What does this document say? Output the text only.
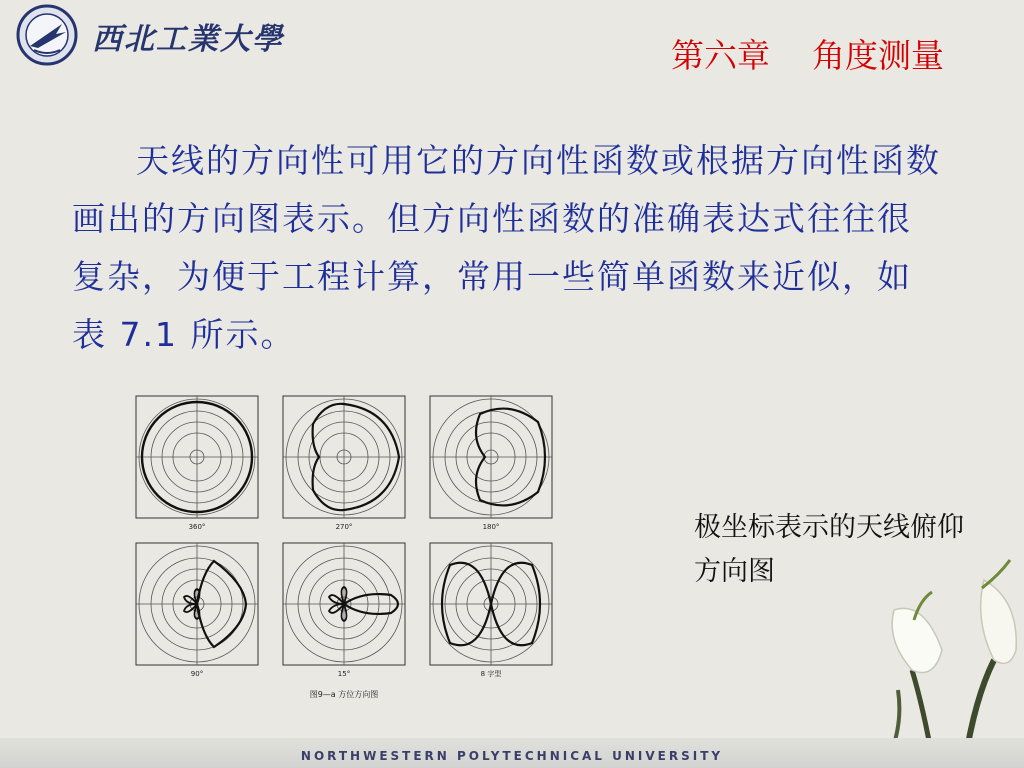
西北工業大學	第六章    角度测量
天线的方向性可用它的方向性函数或根据方向性函数画出的方向图表示。但方向性函数的准确表达式往往很复杂，为便于工程计算，常用一些简单函数来近似，如表 7.1 所示。
360°	270°	180°
90°	15°	8 字型
图9—a 方位方向图
极坐标表示的天线俯仰方向图
NORTHWESTERN POLYTECHNICAL UNIVERSITY
